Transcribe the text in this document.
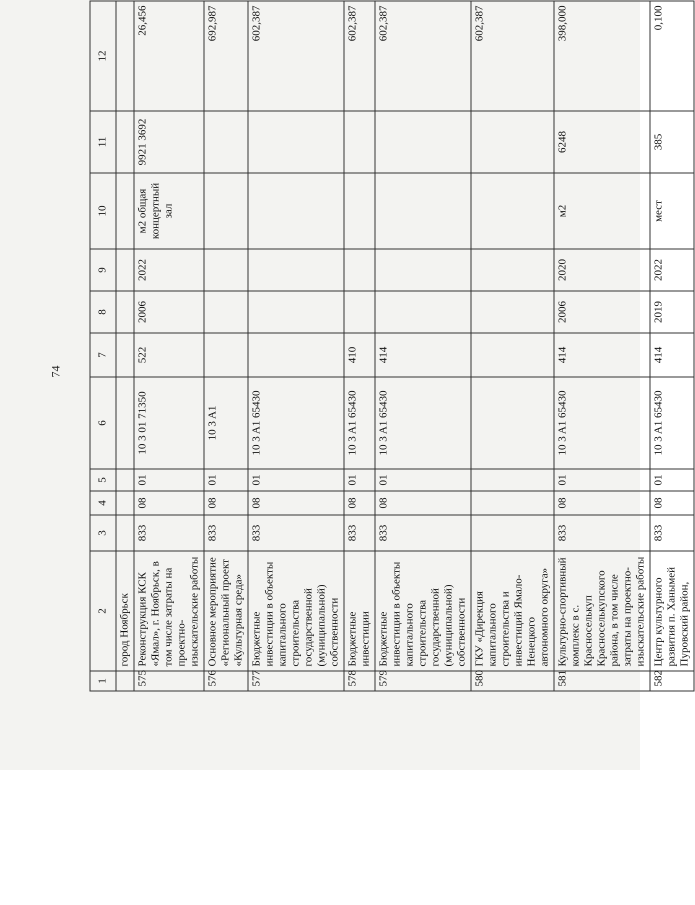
74
1	2	3	4	5	6	7	8	9	10	11	12
	город Ноябрьск										
575	Реконструкция КСК «Ямал», г. Ноябрьск, в том числе затраты на проектно-изыскательские работы	833	08	01	10 3 01 71350	522	2006	2022	м2 общая концертный зал	9921 3692	26,456
576	Основное мероприятие «Региональный проект «Культурная среда»	833	08	01	10 3 A1						692,987
577	Бюджетные инвестиции в объекты капитального строительства государственной (муниципальной) собственности	833	08	01	10 3 A1 65430						602,387
578	Бюджетные инвестиции	833	08	01	10 3 A1 65430	410					602,387
579	Бюджетные инвестиции в объекты капитального строительства государственной (муниципальной) собственности	833	08	01	10 3 A1 65430	414					602,387
580	ГКУ «Дирекция капитального строительства и инвестиций Ямало-Ненецкого автономного округа»										602,387
581	Культурно-спортивный комплекс в с. Красноселькуп Красноселькупского района, в том числе затраты на проектно-изыскательские работы	833	08	01	10 3 A1 65430	414	2006	2020	м2	6248	398,000
582	Центр культурного развития п. Ханымей Пуровский район,	833	08	01	10 3 A1 65430	414	2019	2022	мест	385	0,100
